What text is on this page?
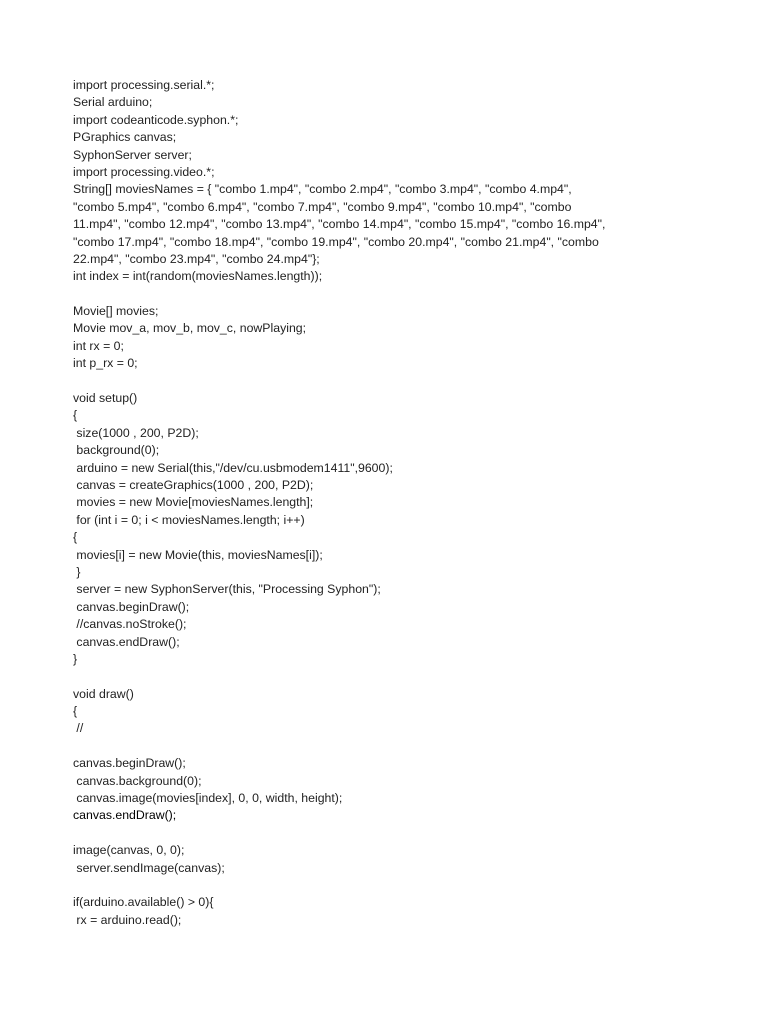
import processing.serial.*;
Serial arduino;
import codeanticode.syphon.*;
PGraphics canvas;
SyphonServer server;
import processing.video.*;
String[] moviesNames = { "combo 1.mp4", "combo 2.mp4", "combo 3.mp4", "combo 4.mp4",
"combo 5.mp4", "combo 6.mp4", "combo 7.mp4", "combo 9.mp4", "combo 10.mp4", "combo
11.mp4", "combo 12.mp4", "combo 13.mp4", "combo 14.mp4", "combo 15.mp4", "combo 16.mp4",
"combo 17.mp4", "combo 18.mp4", "combo 19.mp4", "combo 20.mp4", "combo 21.mp4", "combo
22.mp4", "combo 23.mp4", "combo 24.mp4"};
int index = int(random(moviesNames.length));
Movie[] movies;
Movie mov_a, mov_b, mov_c, nowPlaying;
int rx = 0;
int p_rx = 0;
void setup()
{
size(1000 , 200, P2D);
background(0);
arduino = new Serial(this,"/dev/cu.usbmodem1411",9600);
canvas = createGraphics(1000 , 200, P2D);
movies = new Movie[moviesNames.length];
for (int i = 0; i < moviesNames.length; i++)
{
movies[i] = new Movie(this, moviesNames[i]);
}
server = new SyphonServer(this, "Processing Syphon");
canvas.beginDraw();
//canvas.noStroke();
canvas.endDraw();
}
void draw()
{
//
canvas.beginDraw();
canvas.background(0);
canvas.image(movies[index], 0, 0, width, height);
canvas.endDraw();
image(canvas, 0, 0);
server.sendImage(canvas);
if(arduino.available() > 0){
rx = arduino.read();
